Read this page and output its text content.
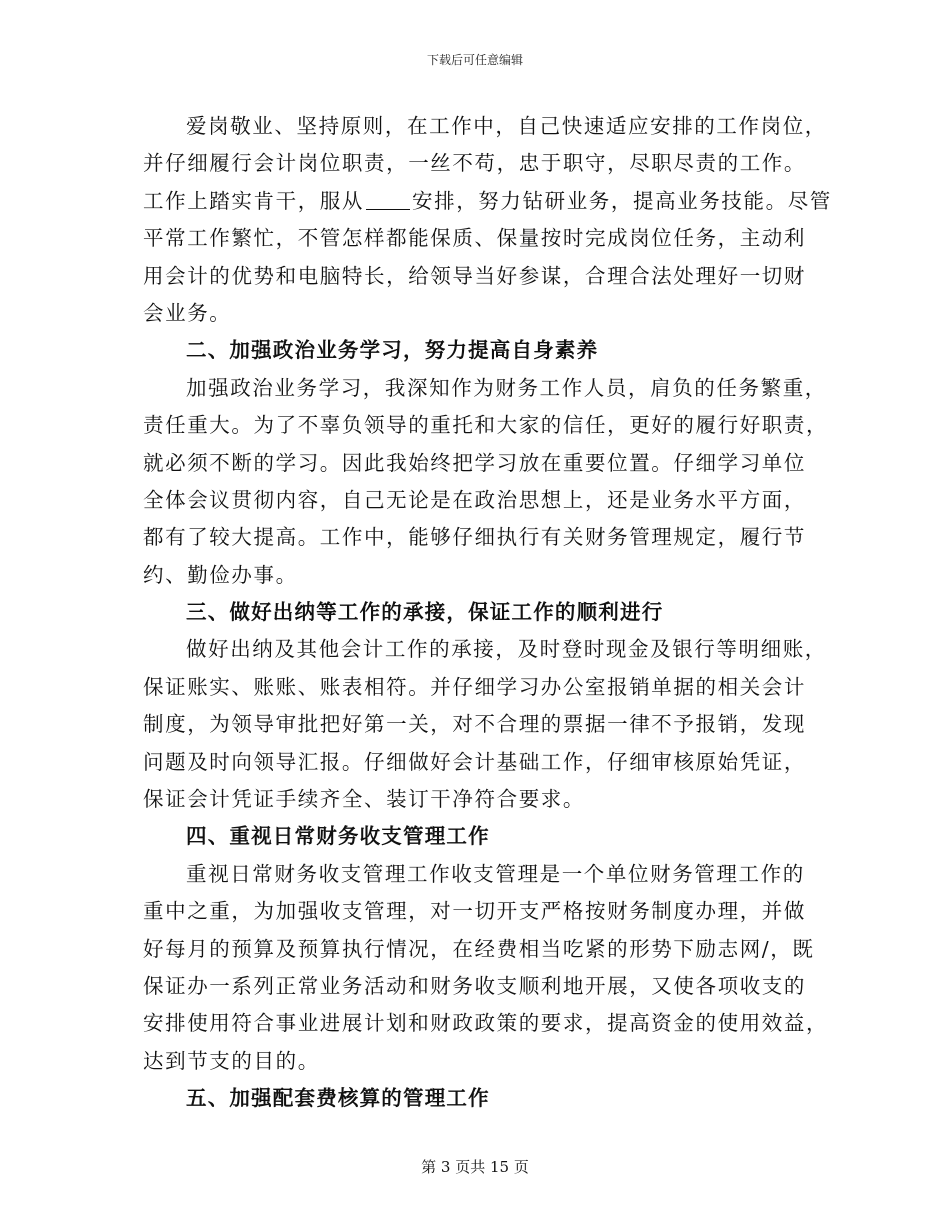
下载后可任意编辑
爱岗敬业、坚持原则，在工作中，自己快速适应安排的工作岗位，
并仔细履行会计岗位职责，一丝不苟，忠于职守，尽职尽责的工作。
工作上踏实肯干，服从 安排，努力钻研业务，提高业务技能。尽管
平常工作繁忙，不管怎样都能保质、保量按时完成岗位任务，主动利
用会计的优势和电脑特长，给领导当好参谋，合理合法处理好一切财
会业务。
二、加强政治业务学习，努力提高自身素养
加强政治业务学习，我深知作为财务工作人员，肩负的任务繁重，
责任重大。为了不辜负领导的重托和大家的信任，更好的履行好职责，
就必须不断的学习。因此我始终把学习放在重要位置。仔细学习单位
全体会议贯彻内容，自己无论是在政治思想上，还是业务水平方面，
都有了较大提高。工作中，能够仔细执行有关财务管理规定，履行节
约、勤俭办事。
三、做好出纳等工作的承接，保证工作的顺利进行
做好出纳及其他会计工作的承接，及时登时现金及银行等明细账，
保证账实、账账、账表相符。并仔细学习办公室报销单据的相关会计
制度，为领导审批把好第一关，对不合理的票据一律不予报销，发现
问题及时向领导汇报。仔细做好会计基础工作，仔细审核原始凭证，
保证会计凭证手续齐全、装订干净符合要求。
四、重视日常财务收支管理工作
重视日常财务收支管理工作收支管理是一个单位财务管理工作的
重中之重，为加强收支管理，对一切开支严格按财务制度办理，并做
好每月的预算及预算执行情况，在经费相当吃紧的形势下励志网/，既
保证办一系列正常业务活动和财务收支顺利地开展，又使各项收支的
安排使用符合事业进展计划和财政政策的要求，提高资金的使用效益，
达到节支的目的。
五、加强配套费核算的管理工作
第 3 页共 15 页
